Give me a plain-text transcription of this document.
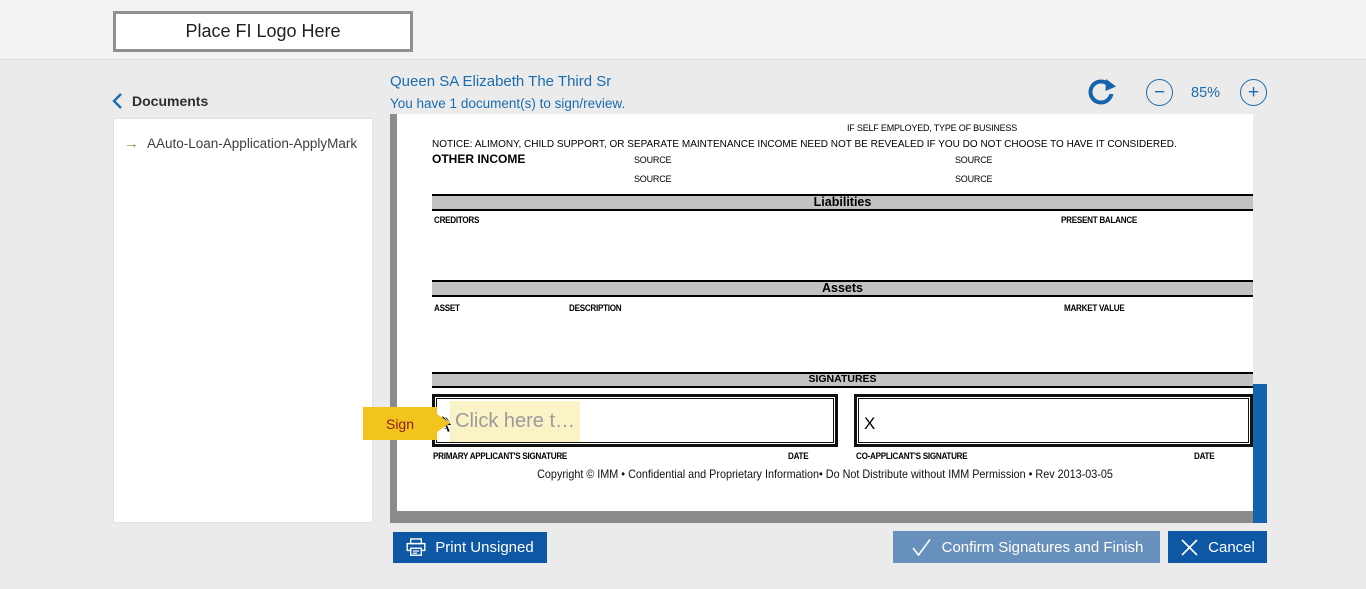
Place FI Logo Here
Documents
→ AAuto-Loan-Application-ApplyMark
Queen SA Elizabeth The Third Sr
You have 1 document(s) to sign/review.
− 85% +
IF SELF EMPLOYED, TYPE OF BUSINESS
NOTICE: ALIMONY, CHILD SUPPORT, OR SEPARATE MAINTENANCE INCOME NEED NOT BE REVEALED IF YOU DO NOT CHOOSE TO HAVE IT CONSIDERED.
OTHER INCOME	SOURCE	SOURCE
SOURCE	SOURCE
Liabilities
CREDITORS	PRESENT BALANCE
Assets
ASSET	DESCRIPTION	MARKET VALUE
SIGNATURES
Click here t…	X
PRIMARY APPLICANT'S SIGNATURE	DATE	CO-APPLICANT'S SIGNATURE	DATE
Copyright © IMM • Confidential and Proprietary Information• Do Not Distribute without IMM Permission • Rev 2013-03-05
Sign
Print Unsigned	Confirm Signatures and Finish	Cancel
